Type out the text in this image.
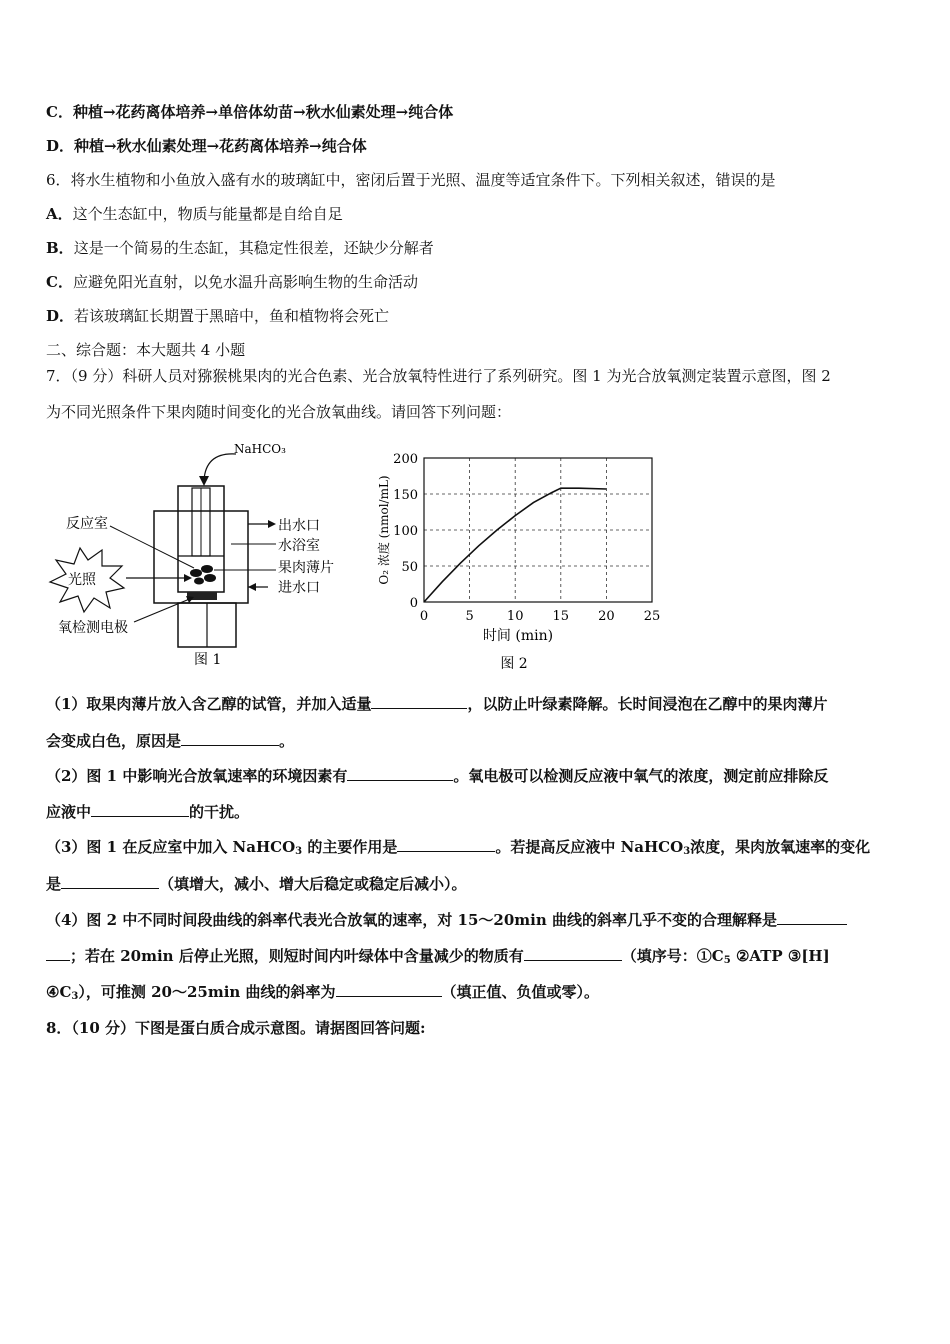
C．种植→花药离体培养→单倍体幼苗→秋水仙素处理→纯合体
D．种植→秋水仙素处理→花药离体培养→纯合体
6．将水生植物和小鱼放入盛有水的玻璃缸中，密闭后置于光照、温度等适宜条件下。下列相关叙述，错误的是
A．这个生态缸中，物质与能量都是自给自足
B．这是一个简易的生态缸，其稳定性很差，还缺少分解者
C．应避免阳光直射，以免水温升高影响生物的生命活动
D．若该玻璃缸长期置于黑暗中，鱼和植物将会死亡
二、综合题：本大题共 4 小题
7．（9 分）科研人员对猕猴桃果肉的光合色素、光合放氧特性进行了系列研究。图 1 为光合放氧测定装置示意图，图 2
为不同光照条件下果肉随时间变化的光合放氧曲线。请回答下列问题：
NaHCO₃
出水口
水浴室
果肉薄片
进水口
反应室
光照
氧检测电极
图 1
0
50
100
150
200
0	5	10 15 20 25
时间 (min)
O₂ 浓度 (nmol/mL)
图 2
（1）取果肉薄片放入含乙醇的试管，并加入适量	，以防止叶绿素降解。长时间浸泡在乙醇中的果肉薄片
会变成白色，原因是	。
（2）图 1 中影响光合放氧速率的环境因素有	。氧电极可以检测反应液中氧气的浓度，测定前应排除反
应液中	的干扰。
（3）图 1 在反应室中加入 NaHCO$_3$ 的主要作用是	。若提高反应液中 NaHCO$_3$浓度，果肉放氧速率的变化
是	（填增大，减小、增大后稳定或稳定后减小）。
（4）图 2 中不同时间段曲线的斜率代表光合放氧的速率，对 15～20min 曲线的斜率几乎不变的合理解释是
；若在 20min 后停止光照，则短时间内叶绿体中含量减少的物质有	（填序号：$①C_5$ ②ATP ③[H]
$④C_3$），可推测 20～25min 曲线的斜率为	（填正值、负值或零）。
8．（10 分）下图是蛋白质合成示意图。请据图回答问题:
